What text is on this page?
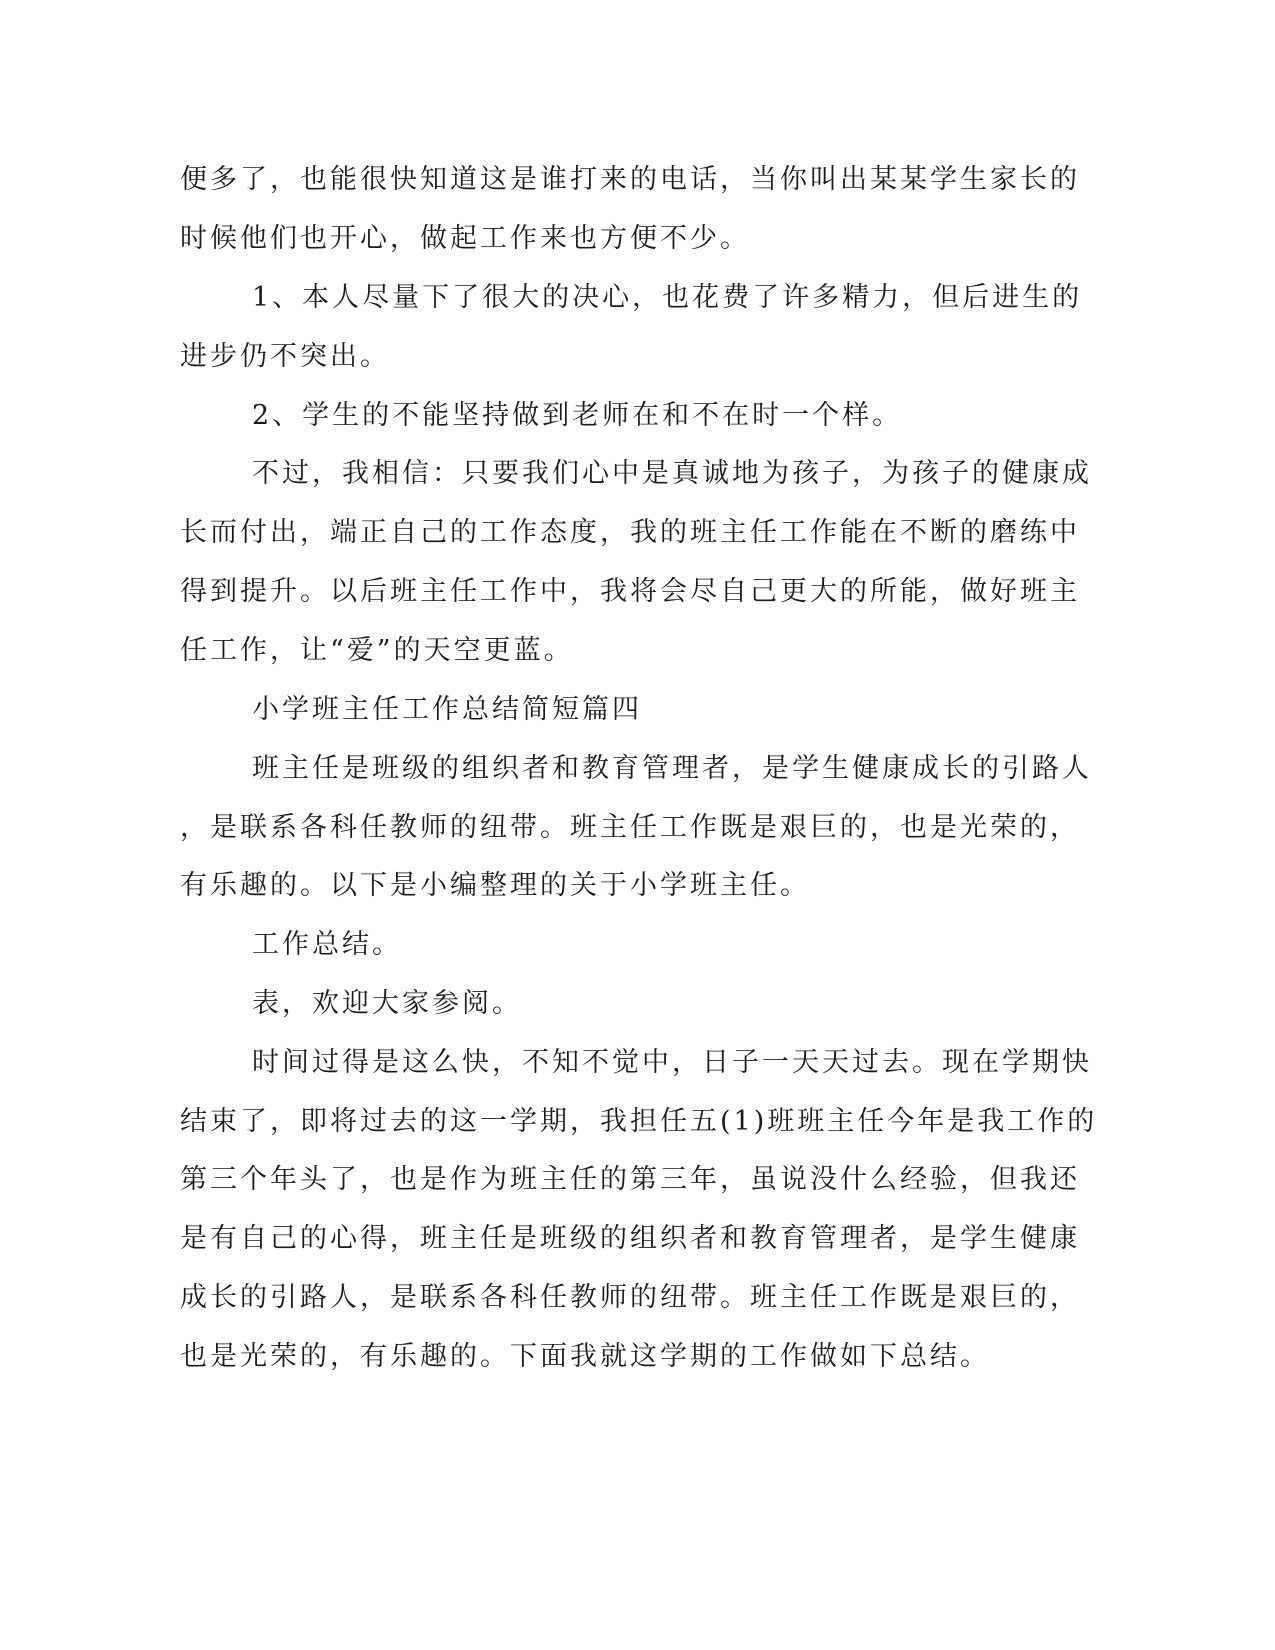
便多了，也能很快知道这是谁打来的电话，当你叫出某某学生家长的
时候他们也开心，做起工作来也方便不少。
1、本人尽量下了很大的决心，也花费了许多精力，但后进生的
进步仍不突出。
2、学生的不能坚持做到老师在和不在时一个样。
不过，我相信：只要我们心中是真诚地为孩子，为孩子的健康成
长而付出，端正自己的工作态度，我的班主任工作能在不断的磨练中
得到提升。以后班主任工作中，我将会尽自己更大的所能，做好班主
任工作，让“爱”的天空更蓝。
小学班主任工作总结简短篇四
班主任是班级的组织者和教育管理者，是学生健康成长的引路人
，是联系各科任教师的纽带。班主任工作既是艰巨的，也是光荣的，
有乐趣的。以下是小编整理的关于小学班主任。
工作总结。
表，欢迎大家参阅。
时间过得是这么快，不知不觉中，日子一天天过去。现在学期快
结束了，即将过去的这一学期，我担任五(1)班班主任今年是我工作的
第三个年头了，也是作为班主任的第三年，虽说没什么经验，但我还
是有自己的心得，班主任是班级的组织者和教育管理者，是学生健康
成长的引路人，是联系各科任教师的纽带。班主任工作既是艰巨的，
也是光荣的，有乐趣的。下面我就这学期的工作做如下总结。
